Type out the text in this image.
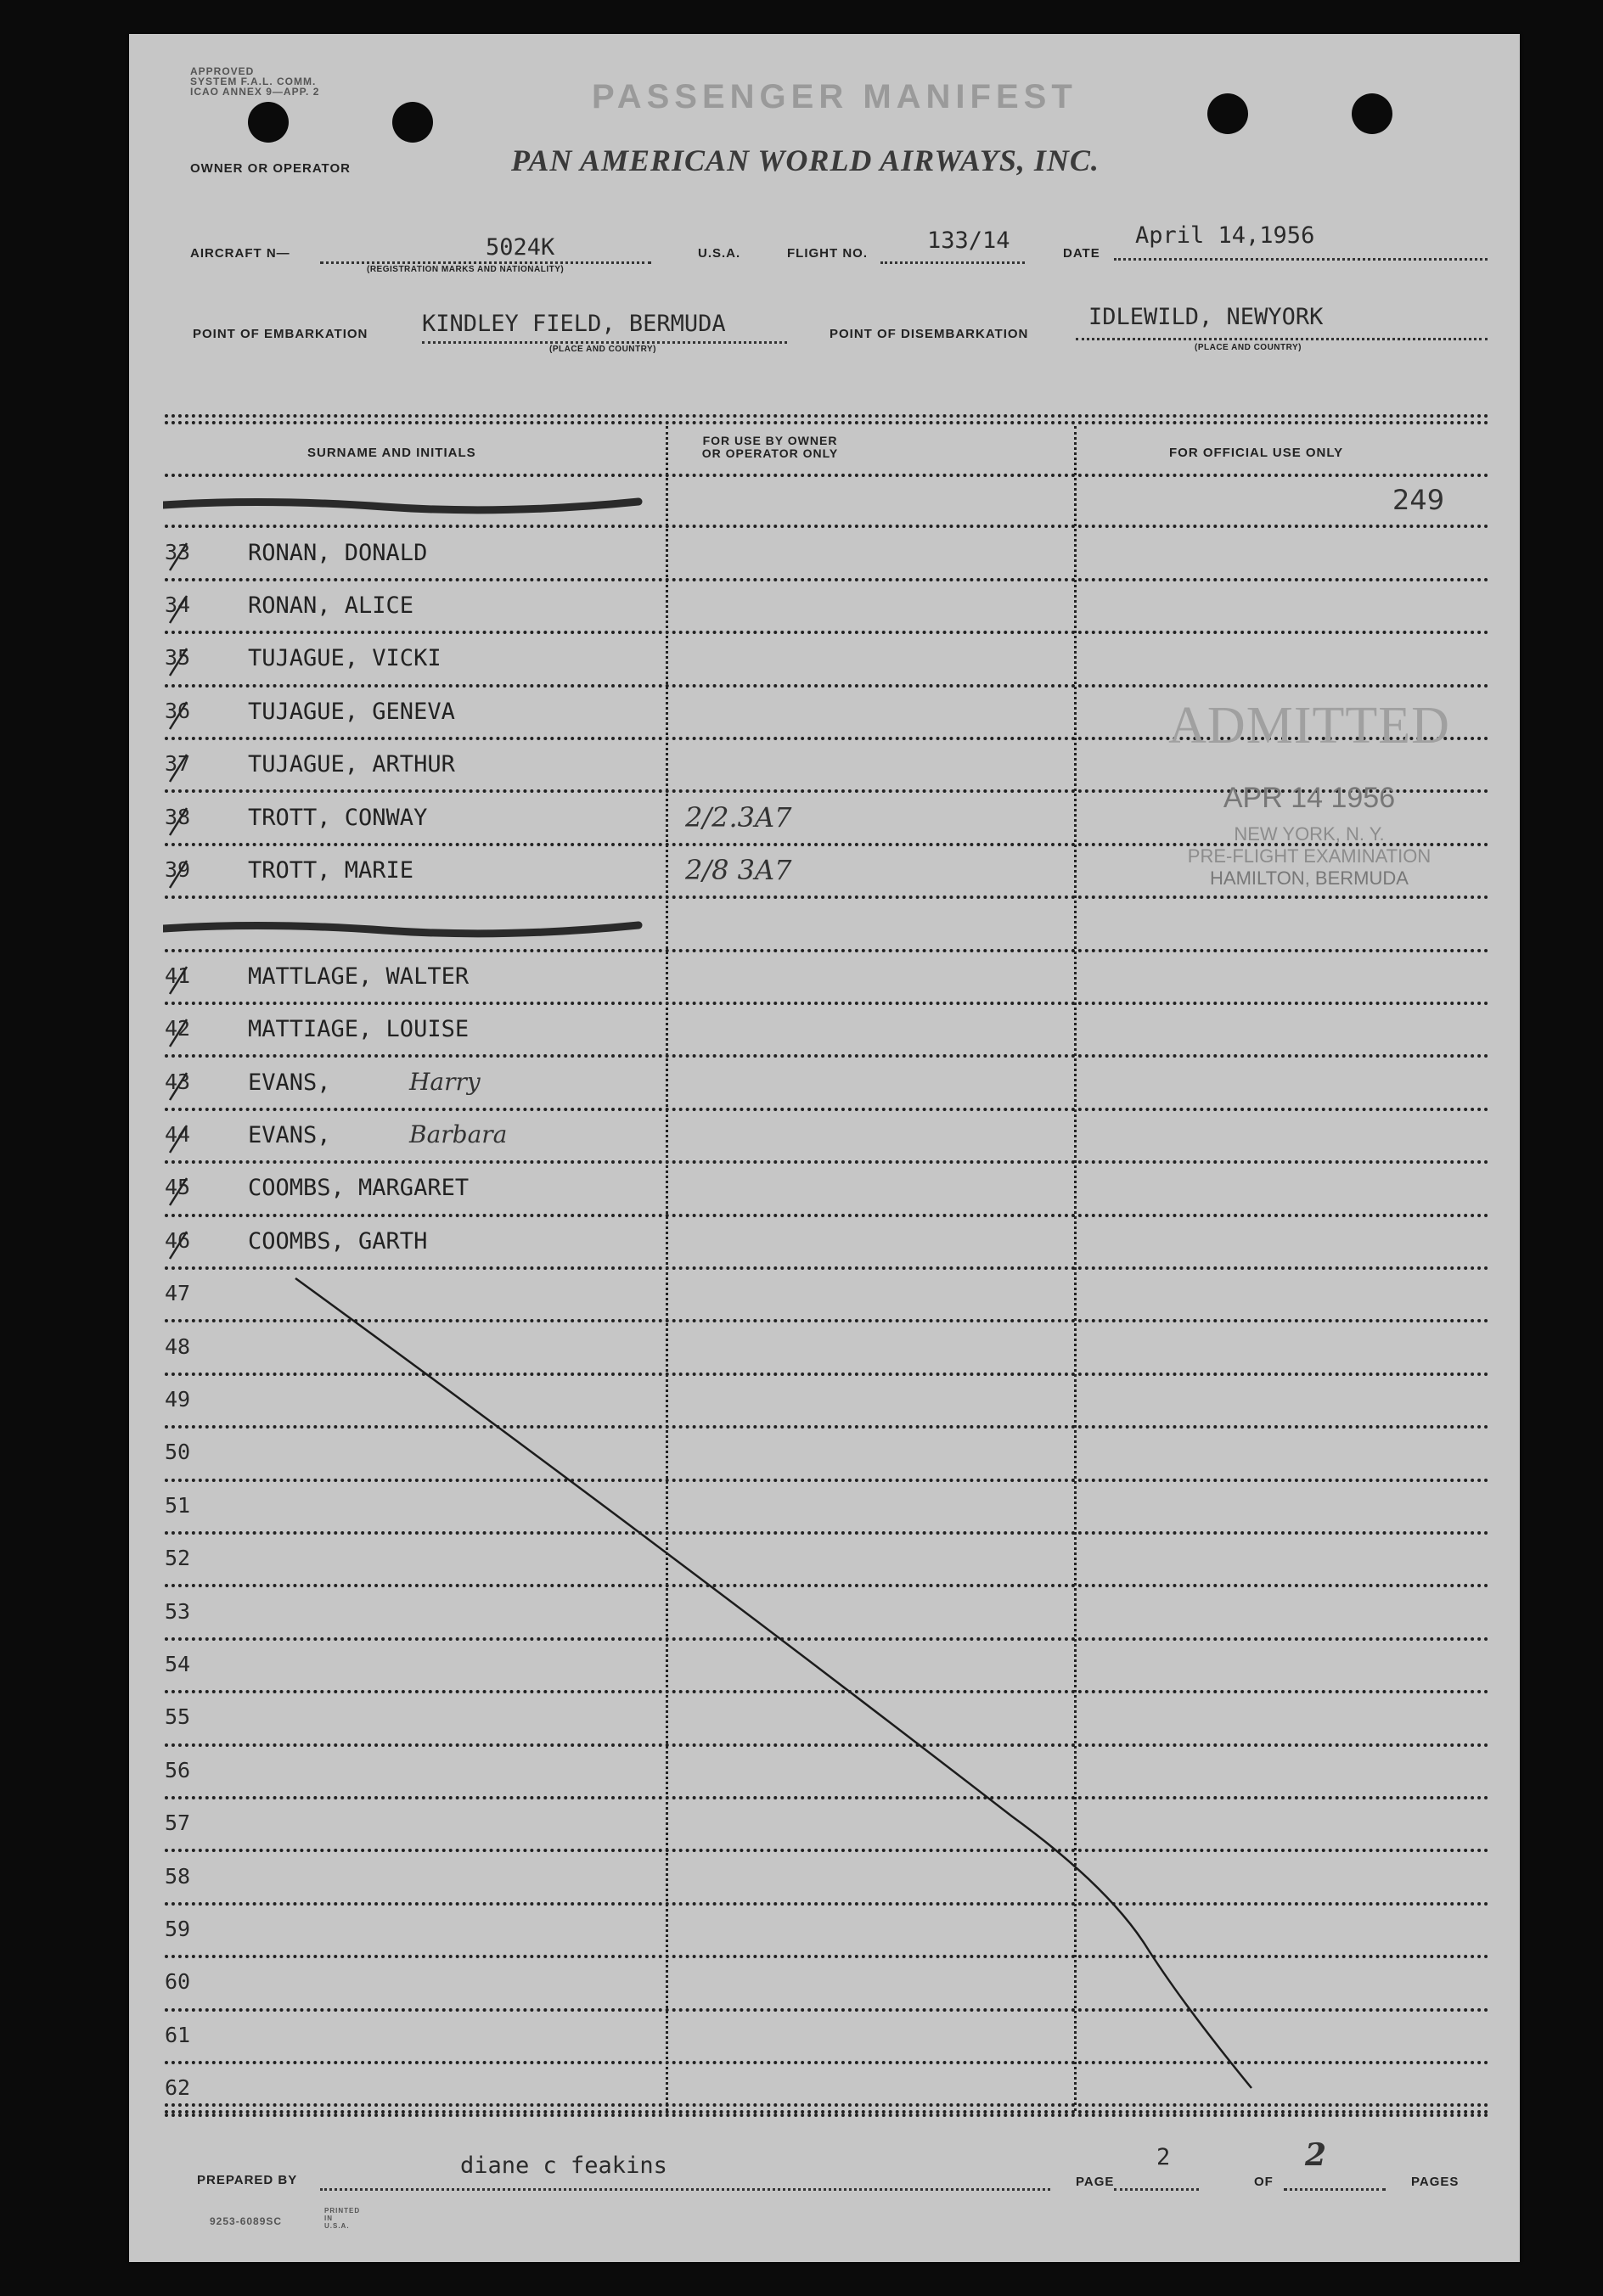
APPROVED
SYSTEM F.A.L. COMM.
ICAO ANNEX 9—APP. 2
OWNER OR OPERATOR
PASSENGER MANIFEST
PAN AMERICAN WORLD AIRWAYS, INC.
AIRCRAFT N—	5024K
(REGISTRATION MARKS AND NATIONALITY)
U.S.A.	FLIGHT NO.	133/14	DATE
April 14,1956
POINT OF EMBARKATION KINDLEY FIELD, BERMUDA
(PLACE AND COUNTRY)
POINT OF DISEMBARKATION
IDLEWILD, NEWYORK
(PLACE AND COUNTRY)
SURNAME AND INITIALS
FOR USE BY OWNER
OR OPERATOR ONLY	FOR OFFICIAL USE ONLY
249
33	RONAN, DONALD
34	RONAN, ALICE
35	TUJAGUE, VICKI
36	TUJAGUE, GENEVA
37	TUJAGUE, ARTHUR
38	TROTT, CONWAY	2/2.3A7
39	TROTT, MARIE	2/8 3A7
41	MATTLAGE, WALTER
42	MATTIAGE, LOUISE
43	EVANS,	Harry
44	EVANS,	Barbara
45	COOMBS, MARGARET
46	COOMBS, GARTH
47
48
49
50
51
52
53
54
55
56
57
58
59
60
61
62
ADMITTED
APR 14 1956
NEW YORK, N. Y.
PRE-FLIGHT EXAMINATION
HAMILTON, BERMUDA
PREPARED BY
diane c feakins
PAGE
2
OF
2
PAGES
9253-6089SC
PRINTED IN U.S.A.
